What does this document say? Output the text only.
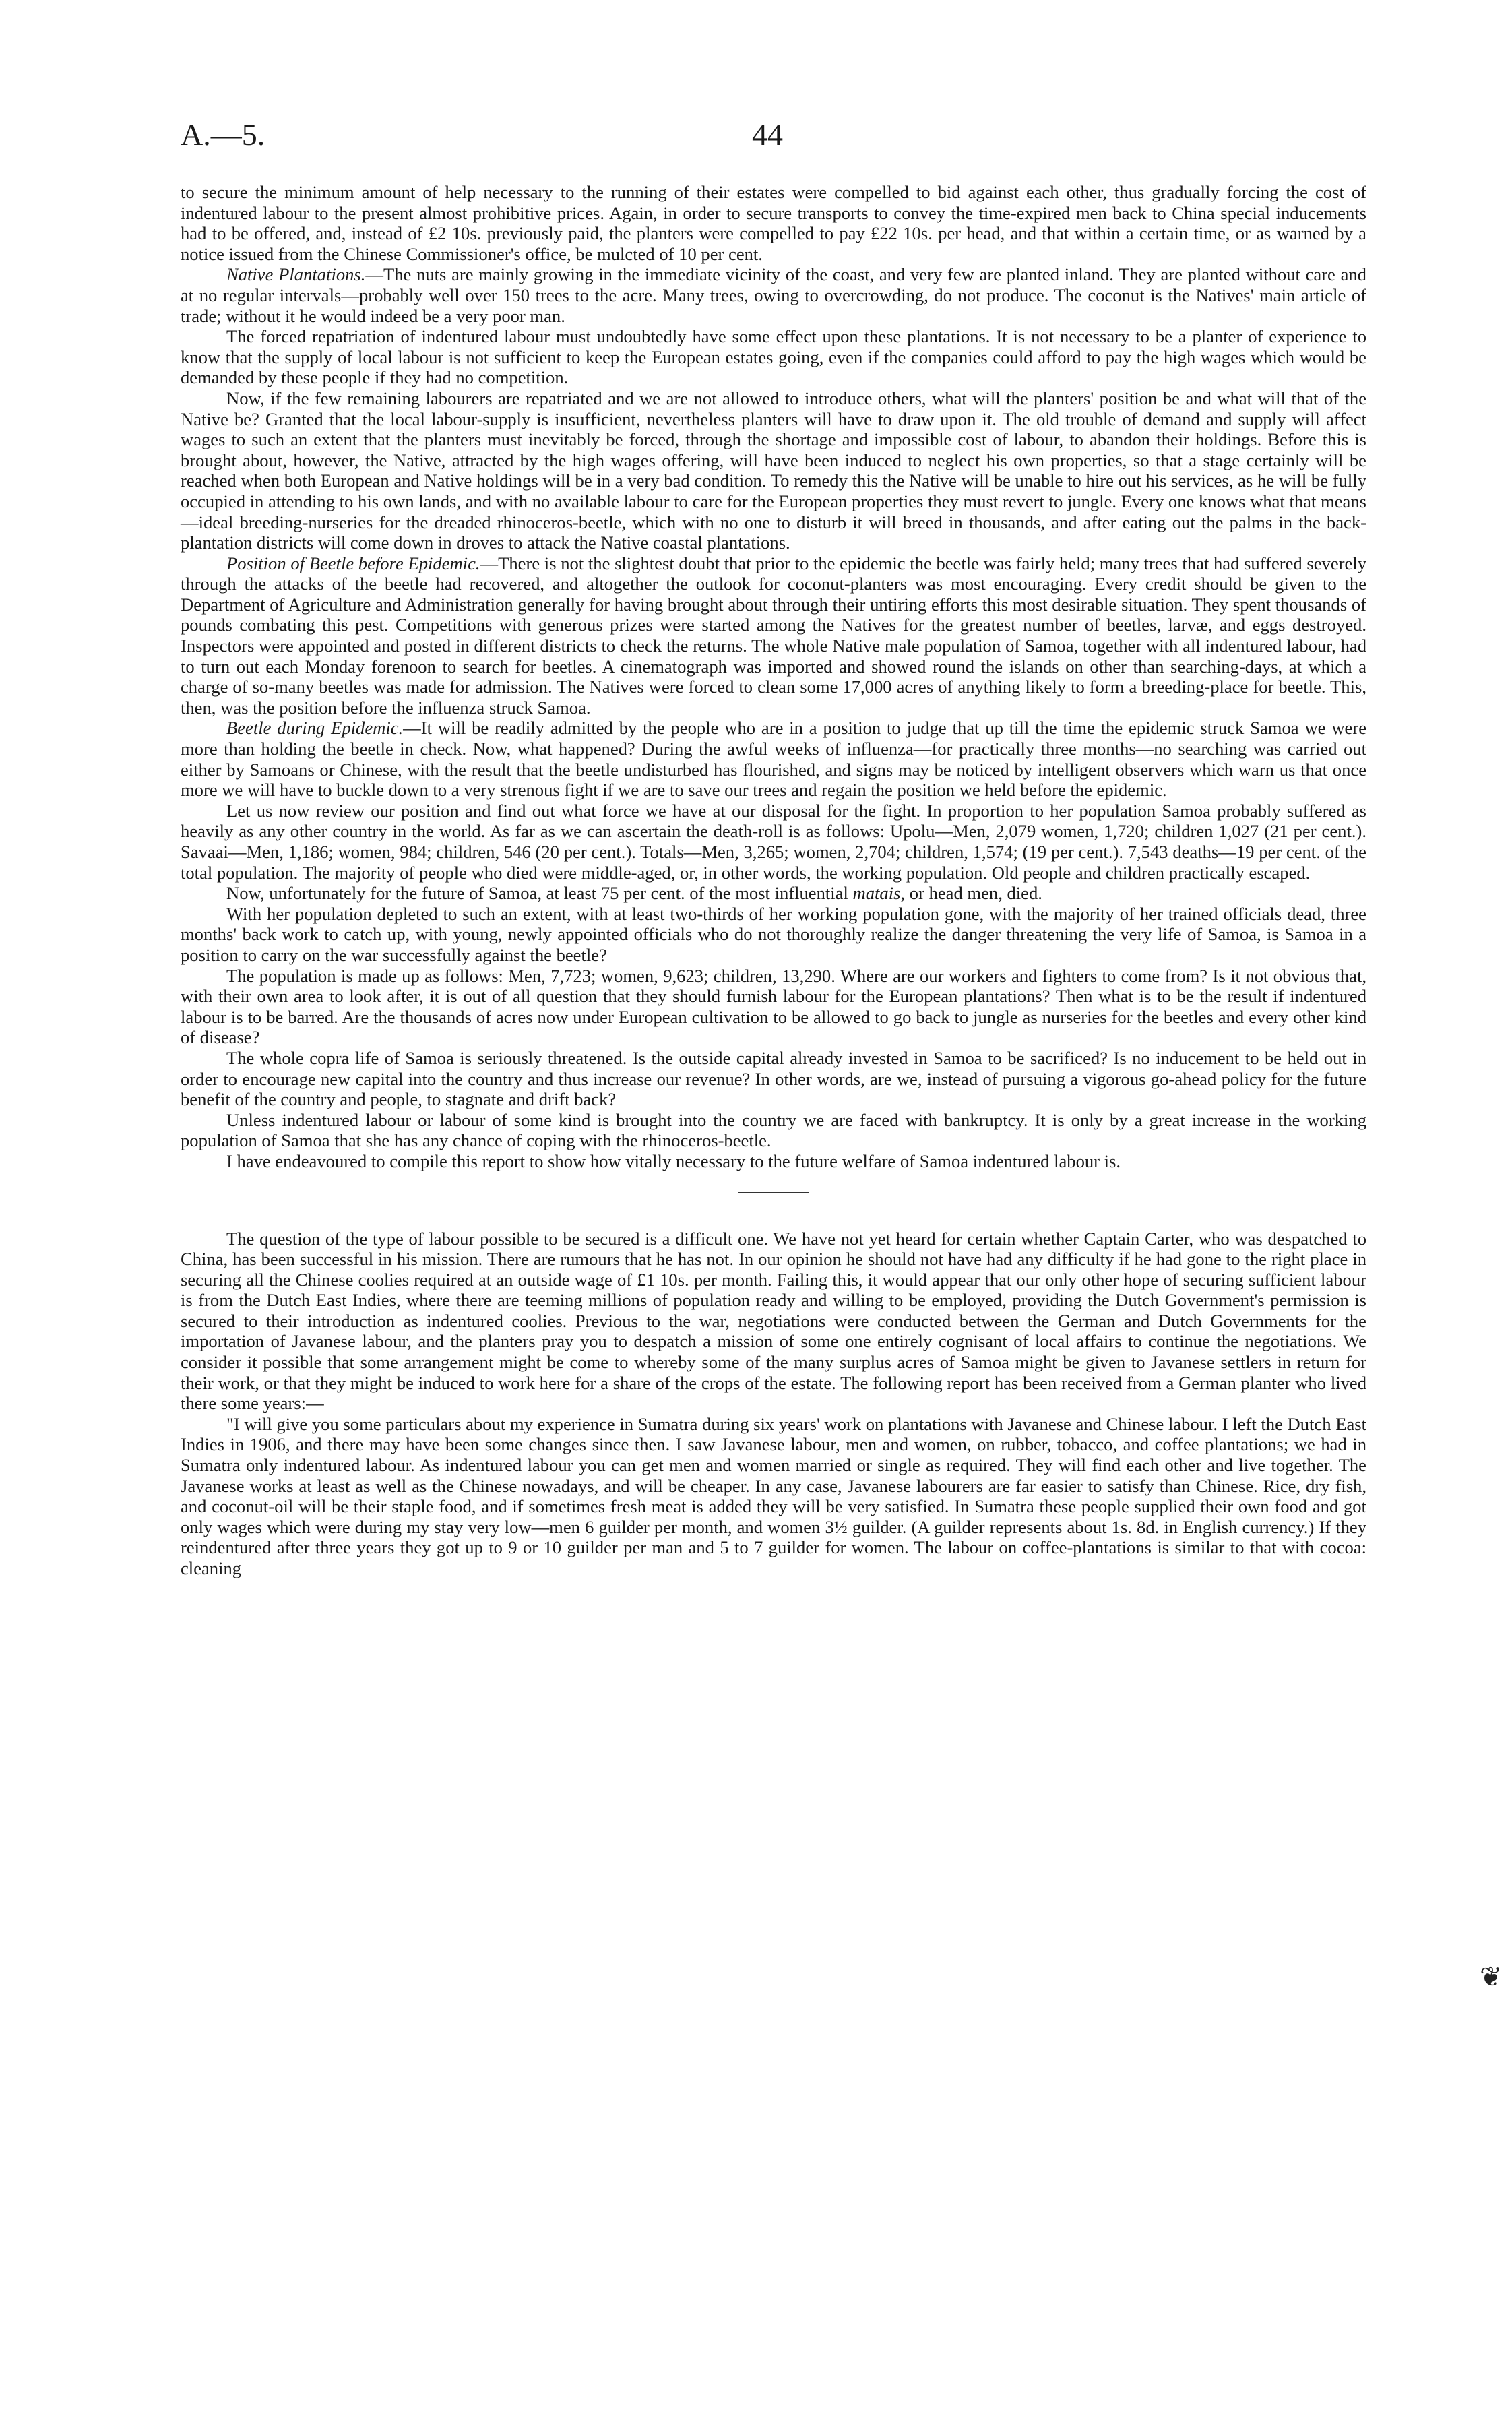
A.—5.	44

to secure the minimum amount of help necessary to the running of their estates were compelled to bid against each other, thus gradually forcing the cost of indentured labour to the present almost prohibitive prices. Again, in order to secure transports to convey the time-expired men back to China special inducements had to be offered, and, instead of £2 10s. previously paid, the planters were compelled to pay £22 10s. per head, and that within a certain time, or as warned by a notice issued from the Chinese Commissioner's office, be mulcted of 10 per cent.

Native Plantations.—The nuts are mainly growing in the immediate vicinity of the coast, and very few are planted inland. They are planted without care and at no regular intervals—probably well over 150 trees to the acre. Many trees, owing to overcrowding, do not produce. The coconut is the Natives' main article of trade; without it he would indeed be a very poor man.

The forced repatriation of indentured labour must undoubtedly have some effect upon these plantations. It is not necessary to be a planter of experience to know that the supply of local labour is not sufficient to keep the European estates going, even if the companies could afford to pay the high wages which would be demanded by these people if they had no competition.

Now, if the few remaining labourers are repatriated and we are not allowed to introduce others, what will the planters' position be and what will that of the Native be? Granted that the local labour-supply is insufficient, nevertheless planters will have to draw upon it. The old trouble of demand and supply will affect wages to such an extent that the planters must inevitably be forced, through the shortage and impossible cost of labour, to abandon their holdings. Before this is brought about, however, the Native, attracted by the high wages offering, will have been induced to neglect his own properties, so that a stage certainly will be reached when both European and Native holdings will be in a very bad condition. To remedy this the Native will be unable to hire out his services, as he will be fully occupied in attending to his own lands, and with no available labour to care for the European properties they must revert to jungle. Every one knows what that means—ideal breeding-nurseries for the dreaded rhinoceros-beetle, which with no one to disturb it will breed in thousands, and after eating out the palms in the back-plantation districts will come down in droves to attack the Native coastal plantations.

Position of Beetle before Epidemic.—There is not the slightest doubt that prior to the epidemic the beetle was fairly held; many trees that had suffered severely through the attacks of the beetle had recovered, and altogether the outlook for coconut-planters was most encouraging. Every credit should be given to the Department of Agriculture and Administration generally for having brought about through their untiring efforts this most desirable situation. They spent thousands of pounds combating this pest. Competitions with generous prizes were started among the Natives for the greatest number of beetles, larvæ, and eggs destroyed. Inspectors were appointed and posted in different districts to check the returns. The whole Native male population of Samoa, together with all indentured labour, had to turn out each Monday forenoon to search for beetles. A cinematograph was imported and showed round the islands on other than searching-days, at which a charge of so-many beetles was made for admission. The Natives were forced to clean some 17,000 acres of anything likely to form a breeding-place for beetle. This, then, was the position before the influenza struck Samoa.

Beetle during Epidemic.—It will be readily admitted by the people who are in a position to judge that up till the time the epidemic struck Samoa we were more than holding the beetle in check. Now, what happened? During the awful weeks of influenza—for practically three months—no searching was carried out either by Samoans or Chinese, with the result that the beetle undisturbed has flourished, and signs may be noticed by intelligent observers which warn us that once more we will have to buckle down to a very strenous fight if we are to save our trees and regain the position we held before the epidemic.

Let us now review our position and find out what force we have at our disposal for the fight. In proportion to her population Samoa probably suffered as heavily as any other country in the world. As far as we can ascertain the death-roll is as follows: Upolu—Men, 2,079 women, 1,720; children 1,027 (21 per cent.). Savaai—Men, 1,186; women, 984; children, 546 (20 per cent.). Totals—Men, 3,265; women, 2,704; children, 1,574; (19 per cent.). 7,543 deaths—19 per cent. of the total population. The majority of people who died were middle-aged, or, in other words, the working population. Old people and children practically escaped.

Now, unfortunately for the future of Samoa, at least 75 per cent. of the most influential matais, or head men, died.

With her population depleted to such an extent, with at least two-thirds of her working population gone, with the majority of her trained officials dead, three months' back work to catch up, with young, newly appointed officials who do not thoroughly realize the danger threatening the very life of Samoa, is Samoa in a position to carry on the war successfully against the beetle?

The population is made up as follows: Men, 7,723; women, 9,623; children, 13,290. Where are our workers and fighters to come from? Is it not obvious that, with their own area to look after, it is out of all question that they should furnish labour for the European plantations? Then what is to be the result if indentured labour is to be barred. Are the thousands of acres now under European cultivation to be allowed to go back to jungle as nurseries for the beetles and every other kind of disease?

The whole copra life of Samoa is seriously threatened. Is the outside capital already invested in Samoa to be sacrificed? Is no inducement to be held out in order to encourage new capital into the country and thus increase our revenue? In other words, are we, instead of pursuing a vigorous go-ahead policy for the future benefit of the country and people, to stagnate and drift back?

Unless indentured labour or labour of some kind is brought into the country we are faced with bankruptcy. It is only by a great increase in the working population of Samoa that she has any chance of coping with the rhinoceros-beetle.

I have endeavoured to compile this report to show how vitally necessary to the future welfare of Samoa indentured labour is.

The question of the type of labour possible to be secured is a difficult one. We have not yet heard for certain whether Captain Carter, who was despatched to China, has been successful in his mission. There are rumours that he has not. In our opinion he should not have had any difficulty if he had gone to the right place in securing all the Chinese coolies required at an outside wage of £1 10s. per month. Failing this, it would appear that our only other hope of securing sufficient labour is from the Dutch East Indies, where there are teeming millions of population ready and willing to be employed, providing the Dutch Government's permission is secured to their introduction as indentured coolies. Previous to the war, negotiations were conducted between the German and Dutch Governments for the importation of Javanese labour, and the planters pray you to despatch a mission of some one entirely cognisant of local affairs to continue the negotiations. We consider it possible that some arrangement might be come to whereby some of the many surplus acres of Samoa might be given to Javanese settlers in return for their work, or that they might be induced to work here for a share of the crops of the estate. The following report has been received from a German planter who lived there some years:—

"I will give you some particulars about my experience in Sumatra during six years' work on plantations with Javanese and Chinese labour. I left the Dutch East Indies in 1906, and there may have been some changes since then. I saw Javanese labour, men and women, on rubber, tobacco, and coffee plantations; we had in Sumatra only indentured labour. As indentured labour you can get men and women married or single as required. They will find each other and live together. The Javanese works at least as well as the Chinese nowadays, and will be cheaper. In any case, Javanese labourers are far easier to satisfy than Chinese. Rice, dry fish, and coconut-oil will be their staple food, and if sometimes fresh meat is added they will be very satisfied. In Sumatra these people supplied their own food and got only wages which were during my stay very low—men 6 guilder per month, and women 3½ guilder. (A guilder represents about 1s. 8d. in English currency.) If they reindentured after three years they got up to 9 or 10 guilder per man and 5 to 7 guilder for women. The labour on coffee-plantations is similar to that with cocoa: cleaning

❦
